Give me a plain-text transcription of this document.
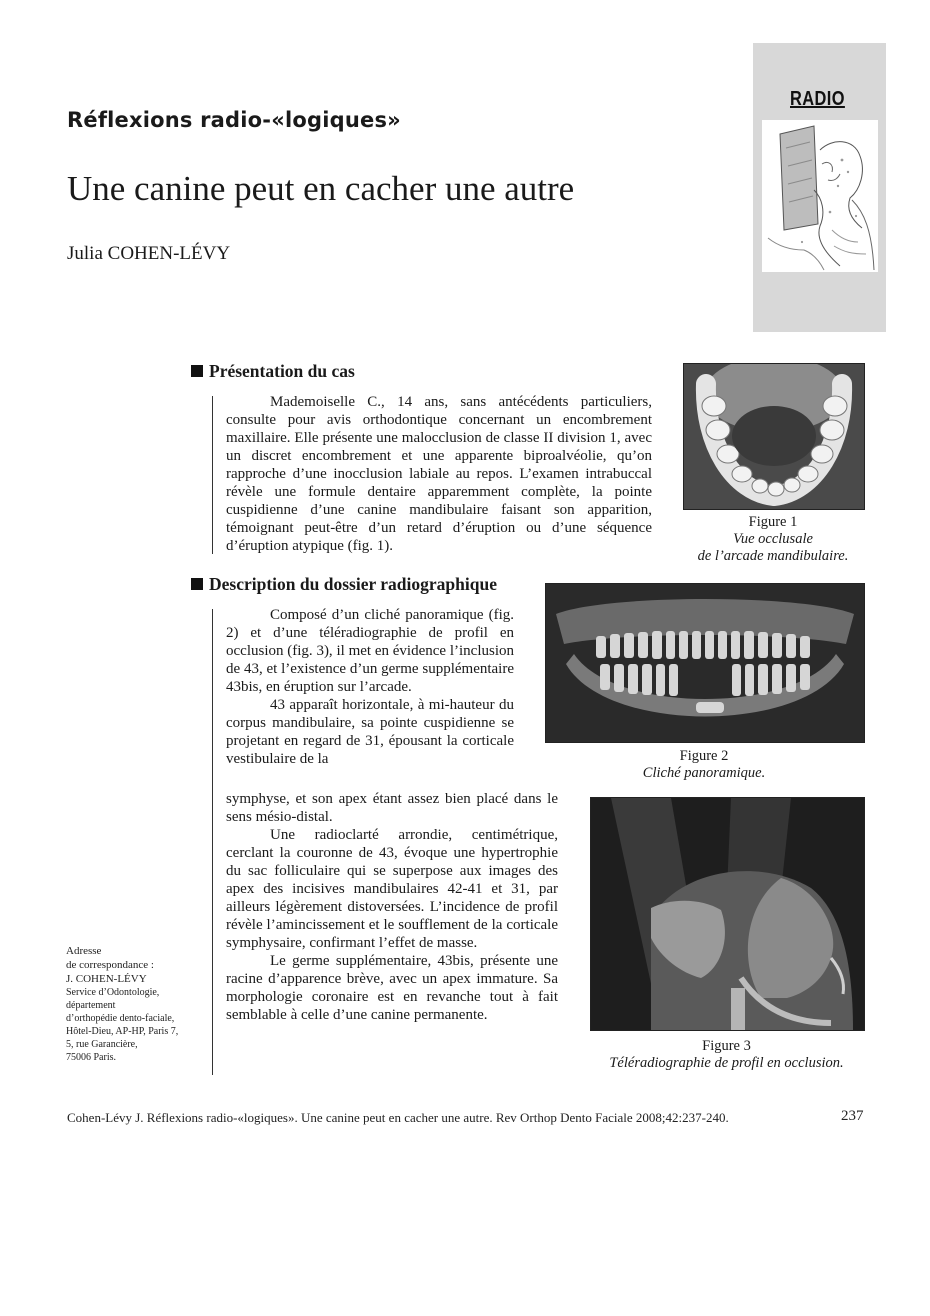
Réflexions radio-«logiques»
Une canine peut en cacher une autre
Julia COHEN-LÉVY
RADIO
Présentation du cas

Mademoiselle C., 14 ans, sans antécédents particuliers, consulte pour avis orthodontique concernant un encombrement maxillaire. Elle présente une malocclusion de classe II division 1, avec un discret encombrement et une apparente biproalvéolie, qu’on rapproche d’une inocclusion labiale au repos. L’examen intrabuccal révèle une formule dentaire apparemment complète, la pointe cuspidienne d’une canine mandibulaire faisant son apparition, témoignant peut-être d’un retard d’éruption ou d’une séquence d’éruption atypique (fig. 1).

Figure 1
Vue occlusale
de l’arcade mandibulaire.
Description du dossier radiographique

Composé d’un cliché panoramique (fig. 2) et d’une téléradiographie de profil en occlusion (fig. 3), il met en évidence l’inclusion de 43, et l’existence d’un germe supplémentaire 43bis, en éruption sur l’arcade.

43 apparaît horizontale, à mi-hauteur du corpus mandibulaire, sa pointe cuspidienne se projetant en regard de 31, épousant la corticale vestibulaire de la

symphyse, et son apex étant assez bien placé dans le sens mésio-distal.

Une radioclarté arrondie, centimétrique, cerclant la couronne de 43, évoque une hypertrophie du sac folliculaire qui se superpose aux images des apex des incisives mandibulaires 42-41 et 31, par ailleurs légèrement distoversées. L’incidence de profil révèle l’amincissement et le soufflement de la corticale symphysaire, confirmant l’effet de masse.

Le germe supplémentaire, 43bis, présente une racine d’apparence brève, avec un apex immature. Sa morphologie coronaire est en revanche tout à fait semblable à celle d’une canine permanente.

Figure 2
Cliché panoramique.
Figure 3
Téléradiographie de profil en occlusion.
Adresse
de correspondance :
J. COHEN-LÉVY
Service d’Odontologie,
département
d’orthopédie dento-faciale,
Hôtel-Dieu, AP-HP, Paris 7,
5, rue Garancière,
75006 Paris.
Cohen-Lévy J. Réflexions radio-«logiques». Une canine peut en cacher une autre. Rev Orthop Dento Faciale 2008;42:237-240.	237
